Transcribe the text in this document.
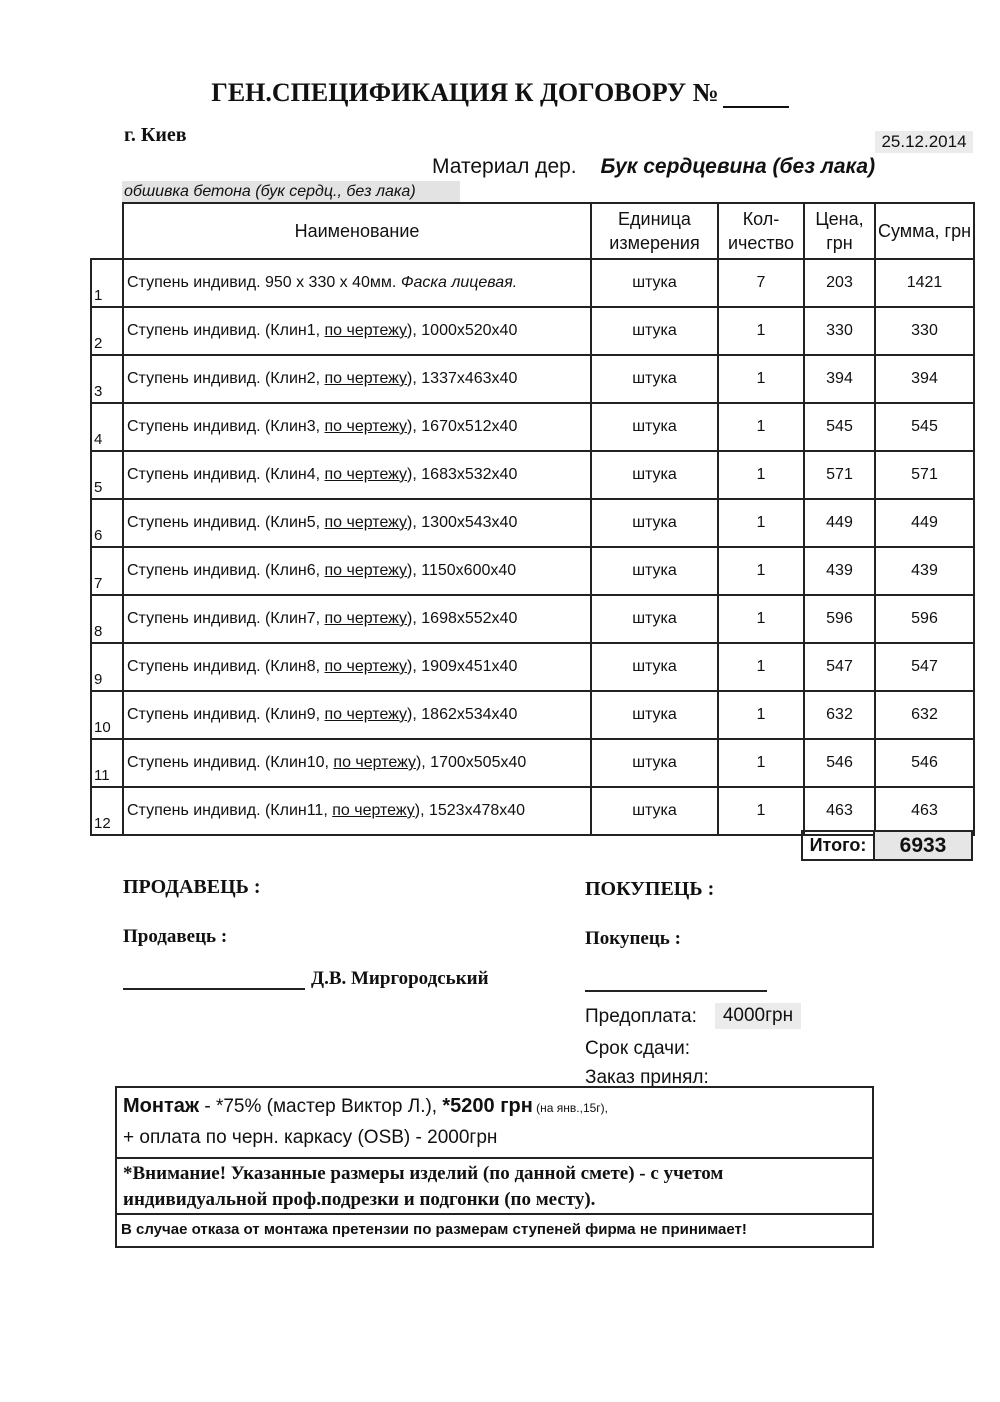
ГЕН.СПЕЦИФИКАЦИЯ К ДОГОВОРУ №
г. Киев	25.12.2014
Материал дер. Бук сердцевина (без лака)
обшивка бетона (бук сердц., без лака)
	Наименование	Единица измерения	Кол-ичество	Цена, грн	Сумма, грн
1	Ступень индивид. 950 х 330 х 40мм. Фаска лицевая.	штука	7	203	1421
2	Ступень индивид. (Клин1, по чертежу), 1000х520х40	штука	1	330	330
3	Ступень индивид. (Клин2, по чертежу), 1337х463х40	штука	1	394	394
4	Ступень индивид. (Клин3, по чертежу), 1670х512х40	штука	1	545	545
5	Ступень индивид. (Клин4, по чертежу), 1683х532х40	штука	1	571	571
6	Ступень индивид. (Клин5, по чертежу), 1300х543х40	штука	1	449	449
7	Ступень индивид. (Клин6, по чертежу), 1150х600х40	штука	1	439	439
8	Ступень индивид. (Клин7, по чертежу), 1698х552х40	штука	1	596	596
9	Ступень индивид. (Клин8, по чертежу), 1909х451х40	штука	1	547	547
10	Ступень индивид. (Клин9, по чертежу), 1862х534х40	штука	1	632	632
11	Ступень индивид. (Клин10, по чертежу), 1700х505х40	штука	1	546	546
12	Ступень индивид. (Клин11, по чертежу), 1523х478х40	штука	1	463	463
Итого:	6933
ПРОДАВЕЦЬ :	ПОКУПЕЦЬ :
Продавець :	Покупець :
Д.В. Миргородський
Предоплата:	4000грн
Срок сдачи:
Заказ принял:
Монтаж - *75% (мастер Виктор Л.), *5200 грн (на янв.,15г),
+ оплата по черн. каркасу (OSB) - 2000грн
*Внимание! Указанные размеры изделий (по данной смете) - с учетом индивидуальной проф.подрезки и подгонки (по месту).
В случае отказа от монтажа претензии по размерам ступеней фирма не принимает!
